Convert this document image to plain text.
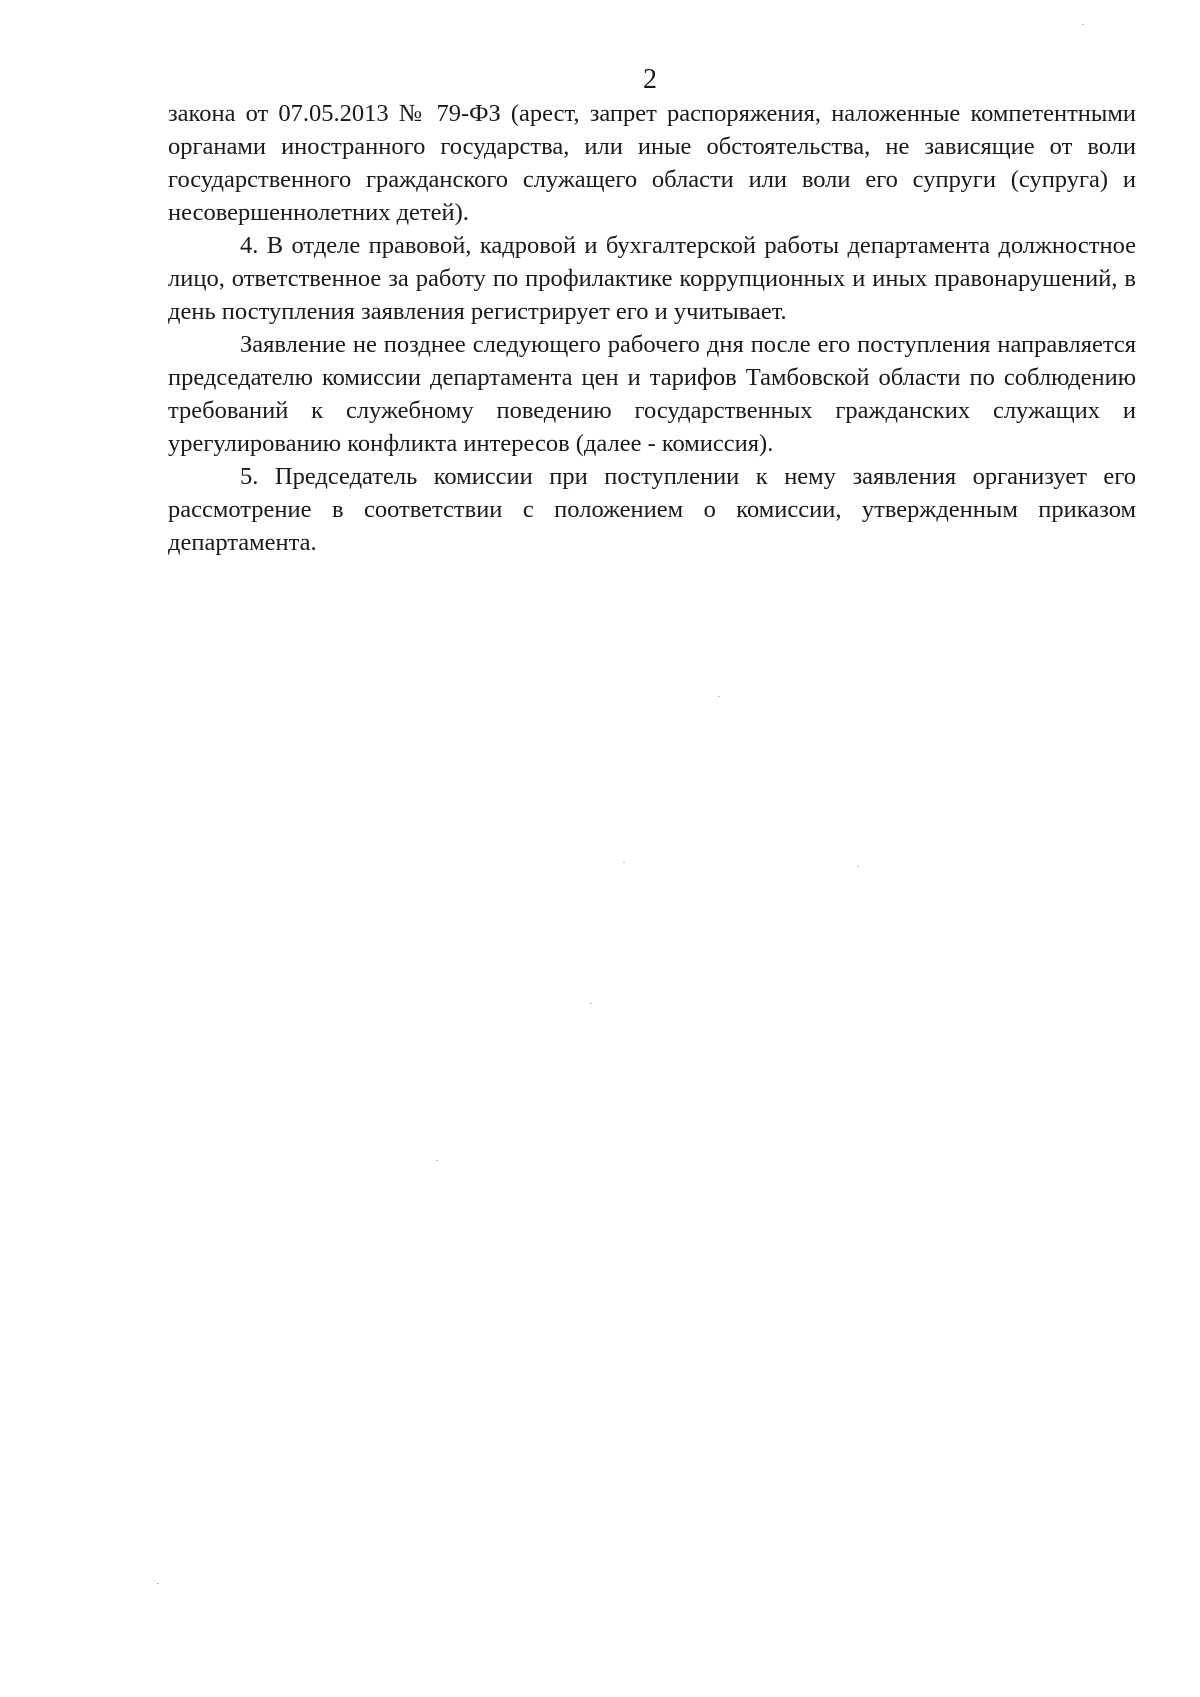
2

закона от 07.05.2013 № 79-ФЗ (арест, запрет распоряжения, наложенные компетентными органами иностранного государства, или иные обстоятельства, не зависящие от воли государственного гражданского служащего области или воли его супруги (супруга) и несовершеннолетних детей).

4. В отделе правовой, кадровой и бухгалтерской работы департамента должностное лицо, ответственное за работу по профилактике коррупционных и иных правонарушений, в день поступления заявления регистрирует его и учитывает.

Заявление не позднее следующего рабочего дня после его поступления направляется председателю комиссии департамента цен и тарифов Тамбовской области по соблюдению требований к служебному поведению государственных гражданских служащих и урегулированию конфликта интересов (далее - комиссия).

5. Председатель комиссии при поступлении к нему заявления организует его рассмотрение в соответствии с положением о комиссии, утвержденным приказом департамента.
